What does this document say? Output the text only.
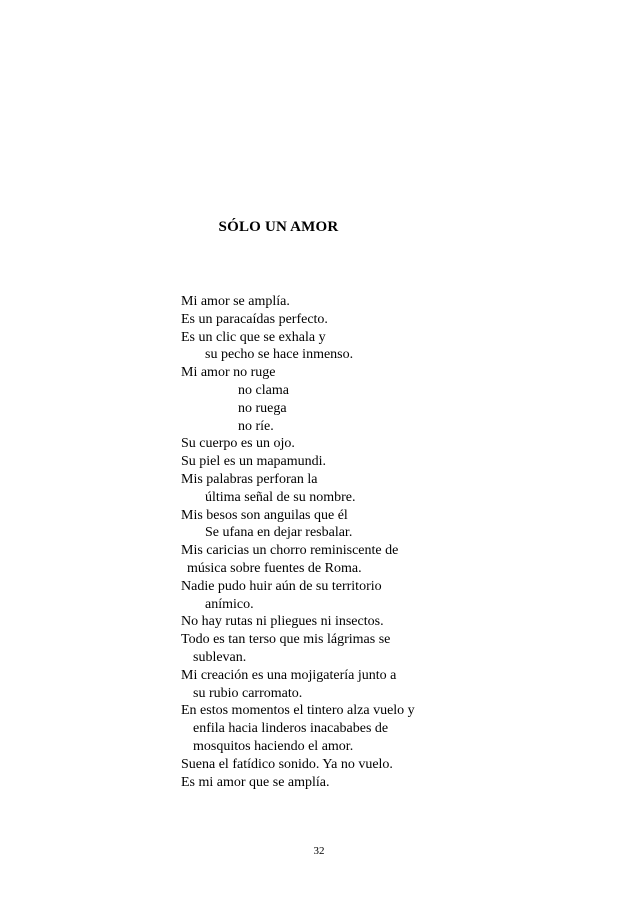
SÓLO UN AMOR
Mi amor se amplía.
Es un paracaídas perfecto.
Es un clic que se exhala y
su pecho se hace inmenso.
Mi amor no ruge
no clama
no ruega
no ríe.
Su cuerpo es un ojo.
Su piel es un mapamundi.
Mis palabras perforan la
última señal de su nombre.
Mis besos son anguilas que él
Se ufana en dejar resbalar.
Mis caricias un chorro reminiscente de
música sobre fuentes de Roma.
Nadie pudo huir aún de su territorio
anímico.
No hay rutas ni pliegues ni insectos.
Todo es tan terso que mis lágrimas se
sublevan.
Mi creación es una mojigatería junto a
su rubio carromato.
En estos momentos el tintero alza vuelo y
enfila hacia linderos inacababes de
mosquitos haciendo el amor.
Suena el fatídico sonido. Ya no vuelo.
Es mi amor que se amplía.
32
